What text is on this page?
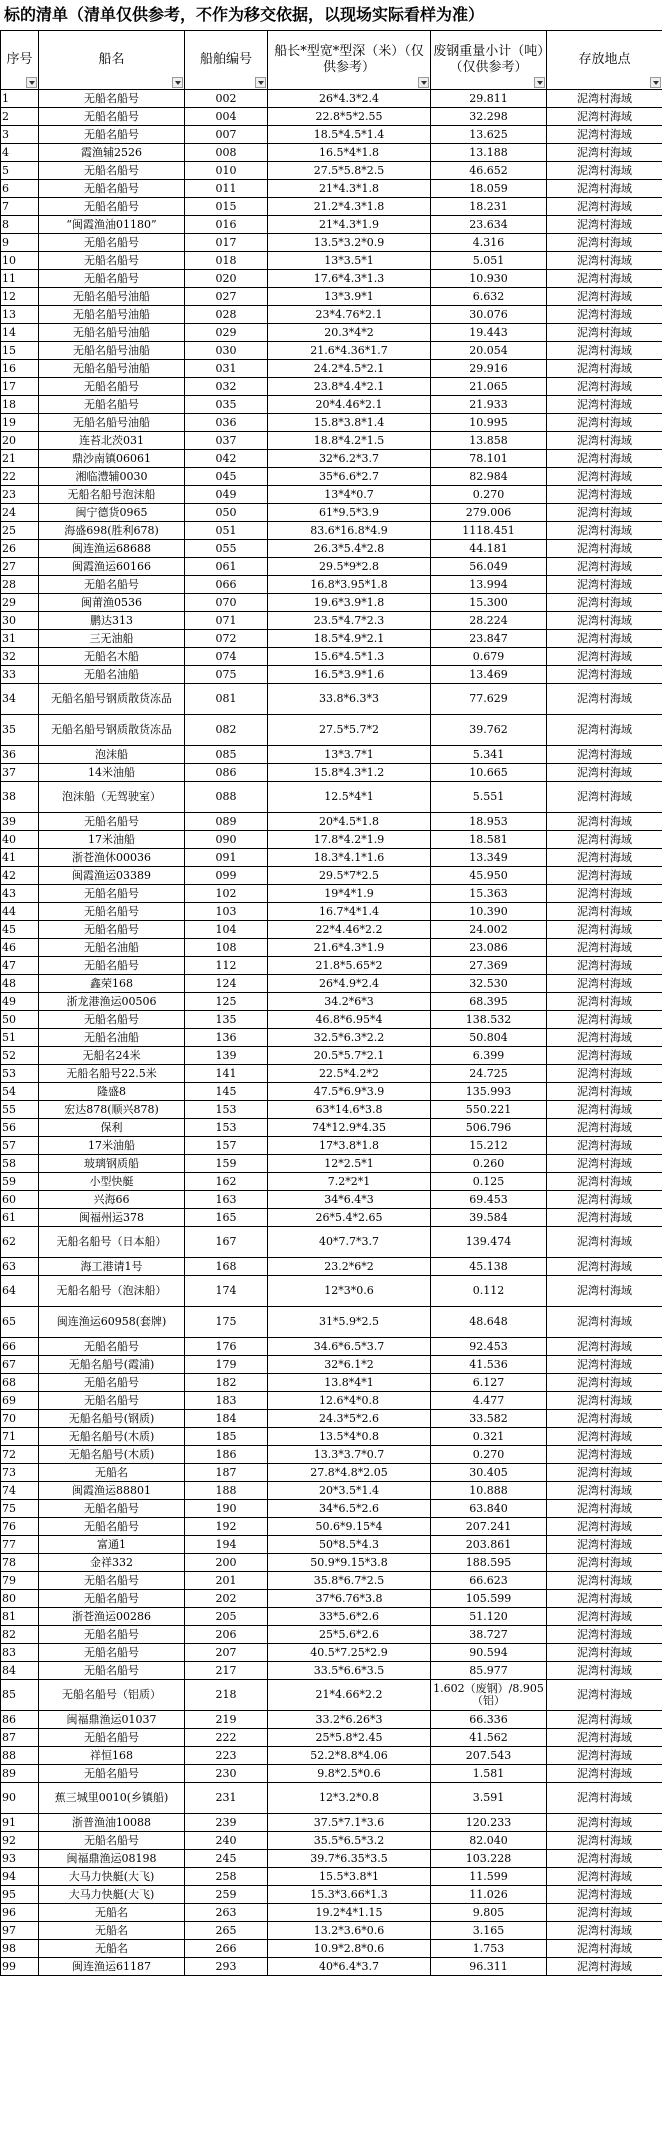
标的清单（清单仅供参考，不作为移交依据，以现场实际看样为准）
序号	船名	船舶编号	船长*型宽*型深（米）（仅供参考）	废钢重量小计（吨）（仅供参考）	存放地点

1	无船名船号	002	26*4.3*2.4	29.811	泥湾村海域
2	无船名船号	004	22.8*5*2.55	32.298	泥湾村海域
3	无船名船号	007	18.5*4.5*1.4	13.625	泥湾村海域
4	霞渔辅2526	008	16.5*4*1.8	13.188	泥湾村海域
5	无船名船号	010	27.5*5.8*2.5	46.652	泥湾村海域
6	无船名船号	011	21*4.3*1.8	18.059	泥湾村海域
7	无船名船号	015	21.2*4.3*1.8	18.231	泥湾村海域
8	“闽霞渔油01180”	016	21*4.3*1.9	23.634	泥湾村海域
9	无船名船号	017	13.5*3.2*0.9	4.316	泥湾村海域
10	无船名船号	018	13*3.5*1	5.051	泥湾村海域
11	无船名船号	020	17.6*4.3*1.3	10.930	泥湾村海域
12	无船名船号油船	027	13*3.9*1	6.632	泥湾村海域
13	无船名船号油船	028	23*4.76*2.1	30.076	泥湾村海域
14	无船名船号油船	029	20.3*4*2	19.443	泥湾村海域
15	无船名船号油船	030	21.6*4.36*1.7	20.054	泥湾村海域
16	无船名船号油船	031	24.2*4.5*2.1	29.916	泥湾村海域
17	无船名船号	032	23.8*4.4*2.1	21.065	泥湾村海域
18	无船名船号	035	20*4.46*2.1	21.933	泥湾村海域
19	无船名船号油船	036	15.8*3.8*1.4	10.995	泥湾村海域
20	连苔北茨031	037	18.8*4.2*1.5	13.858	泥湾村海域
21	鼎沙南镇06061	042	32*6.2*3.7	78.101	泥湾村海域
22	湘临澧辅0030	045	35*6.6*2.7	82.984	泥湾村海域
23	无船名船号泡沫船	049	13*4*0.7	0.270	泥湾村海域
24	闽宁德货0965	050	61*9.5*3.9	279.006	泥湾村海域
25	海盛698(胜利678)	051	83.6*16.8*4.9	1118.451	泥湾村海域
26	闽连渔运68688	055	26.3*5.4*2.8	44.181	泥湾村海域
27	闽霞渔运60166	061	29.5*9*2.8	56.049	泥湾村海域
28	无船名船号	066	16.8*3.95*1.8	13.994	泥湾村海域
29	闽莆渔0536	070	19.6*3.9*1.8	15.300	泥湾村海域
30	鹏达313	071	23.5*4.7*2.3	28.224	泥湾村海域
31	三无油船	072	18.5*4.9*2.1	23.847	泥湾村海域
32	无船名木船	074	15.6*4.5*1.3	0.679	泥湾村海域
33	无船名油船	075	16.5*3.9*1.6	13.469	泥湾村海域
34	无船名船号钢质散货冻品	081	33.8*6.3*3	77.629	泥湾村海域
35	无船名船号钢质散货冻品	082	27.5*5.7*2	39.762	泥湾村海域
36	泡沫船	085	13*3.7*1	5.341	泥湾村海域
37	14米油船	086	15.8*4.3*1.2	10.665	泥湾村海域
38	泡沫船（无驾驶室）	088	12.5*4*1	5.551	泥湾村海域
39	无船名船号	089	20*4.5*1.8	18.953	泥湾村海域
40	17米油船	090	17.8*4.2*1.9	18.581	泥湾村海域
41	浙苍渔休00036	091	18.3*4.1*1.6	13.349	泥湾村海域
42	闽霞渔运03389	099	29.5*7*2.5	45.950	泥湾村海域
43	无船名船号	102	19*4*1.9	15.363	泥湾村海域
44	无船名船号	103	16.7*4*1.4	10.390	泥湾村海域
45	无船名船号	104	22*4.46*2.2	24.002	泥湾村海域
46	无船名油船	108	21.6*4.3*1.9	23.086	泥湾村海域
47	无船名船号	112	21.8*5.65*2	27.369	泥湾村海域
48	鑫荣168	124	26*4.9*2.4	32.530	泥湾村海域
49	浙龙港渔运00506	125	34.2*6*3	68.395	泥湾村海域
50	无船名船号	135	46.8*6.95*4	138.532	泥湾村海域
51	无船名油船	136	32.5*6.3*2.2	50.804	泥湾村海域
52	无船名24米	139	20.5*5.7*2.1	6.399	泥湾村海域
53	无船名船号22.5米	141	22.5*4.2*2	24.725	泥湾村海域
54	隆盛8	145	47.5*6.9*3.9	135.993	泥湾村海域
55	宏达878(顺兴878)	153	63*14.6*3.8	550.221	泥湾村海域
56	保利	153	74*12.9*4.35	506.796	泥湾村海域
57	17米油船	157	17*3.8*1.8	15.212	泥湾村海域
58	玻璃钢质船	159	12*2.5*1	0.260	泥湾村海域
59	小型快艇	162	7.2*2*1	0.125	泥湾村海域
60	兴海66	163	34*6.4*3	69.453	泥湾村海域
61	闽福州运378	165	26*5.4*2.65	39.584	泥湾村海域
62	无船名船号（日本船）	167	40*7.7*3.7	139.474	泥湾村海域
63	海工港请1号	168	23.2*6*2	45.138	泥湾村海域
64	无船名船号（泡沫船）	174	12*3*0.6	0.112	泥湾村海域
65	闽连渔运60958(套牌)	175	31*5.9*2.5	48.648	泥湾村海域
66	无船名船号	176	34.6*6.5*3.7	92.453	泥湾村海域
67	无船名船号(霞浦)	179	32*6.1*2	41.536	泥湾村海域
68	无船名船号	182	13.8*4*1	6.127	泥湾村海域
69	无船名船号	183	12.6*4*0.8	4.477	泥湾村海域
70	无船名船号(钢质)	184	24.3*5*2.6	33.582	泥湾村海域
71	无船名船号(木质)	185	13.5*4*0.8	0.321	泥湾村海域
72	无船名船号(木质)	186	13.3*3.7*0.7	0.270	泥湾村海域
73	无船名	187	27.8*4.8*2.05	30.405	泥湾村海域
74	闽霞渔运88801	188	20*3.5*1.4	10.888	泥湾村海域
75	无船名船号	190	34*6.5*2.6	63.840	泥湾村海域
76	无船名船号	192	50.6*9.15*4	207.241	泥湾村海域
77	富通1	194	50*8.5*4.3	203.861	泥湾村海域
78	金祥332	200	50.9*9.15*3.8	188.595	泥湾村海域
79	无船名船号	201	35.8*6.7*2.5	66.623	泥湾村海域
80	无船名船号	202	37*6.76*3.8	105.599	泥湾村海域
81	浙苍渔运00286	205	33*5.6*2.6	51.120	泥湾村海域
82	无船名船号	206	25*5.6*2.6	38.727	泥湾村海域
83	无船名船号	207	40.5*7.25*2.9	90.594	泥湾村海域
84	无船名船号	217	33.5*6.6*3.5	85.977	泥湾村海域
85	无船名船号（铝质）	218	21*4.66*2.2	1.602（废钢）/8.905（铝）	泥湾村海域
86	闽福鼎渔运01037	219	33.2*6.26*3	66.336	泥湾村海域
87	无船名船号	222	25*5.8*2.45	41.562	泥湾村海域
88	祥恒168	223	52.2*8.8*4.06	207.543	泥湾村海域
89	无船名船号	230	9.8*2.5*0.6	1.581	泥湾村海域
90	蕉三城里0010(乡镇船)	231	12*3.2*0.8	3.591	泥湾村海域
91	浙普渔油10088	239	37.5*7.1*3.6	120.233	泥湾村海域
92	无船名船号	240	35.5*6.5*3.2	82.040	泥湾村海域
93	闽福鼎渔运08198	245	39.7*6.35*3.5	103.228	泥湾村海域
94	大马力快艇(大飞)	258	15.5*3.8*1	11.599	泥湾村海域
95	大马力快艇(大飞)	259	15.3*3.66*1.3	11.026	泥湾村海域
96	无船名	263	19.2*4*1.15	9.805	泥湾村海域
97	无船名	265	13.2*3.6*0.6	3.165	泥湾村海域
98	无船名	266	10.9*2.8*0.6	1.753	泥湾村海域
99	闽连渔运61187	293	40*6.4*3.7	96.311	泥湾村海域
